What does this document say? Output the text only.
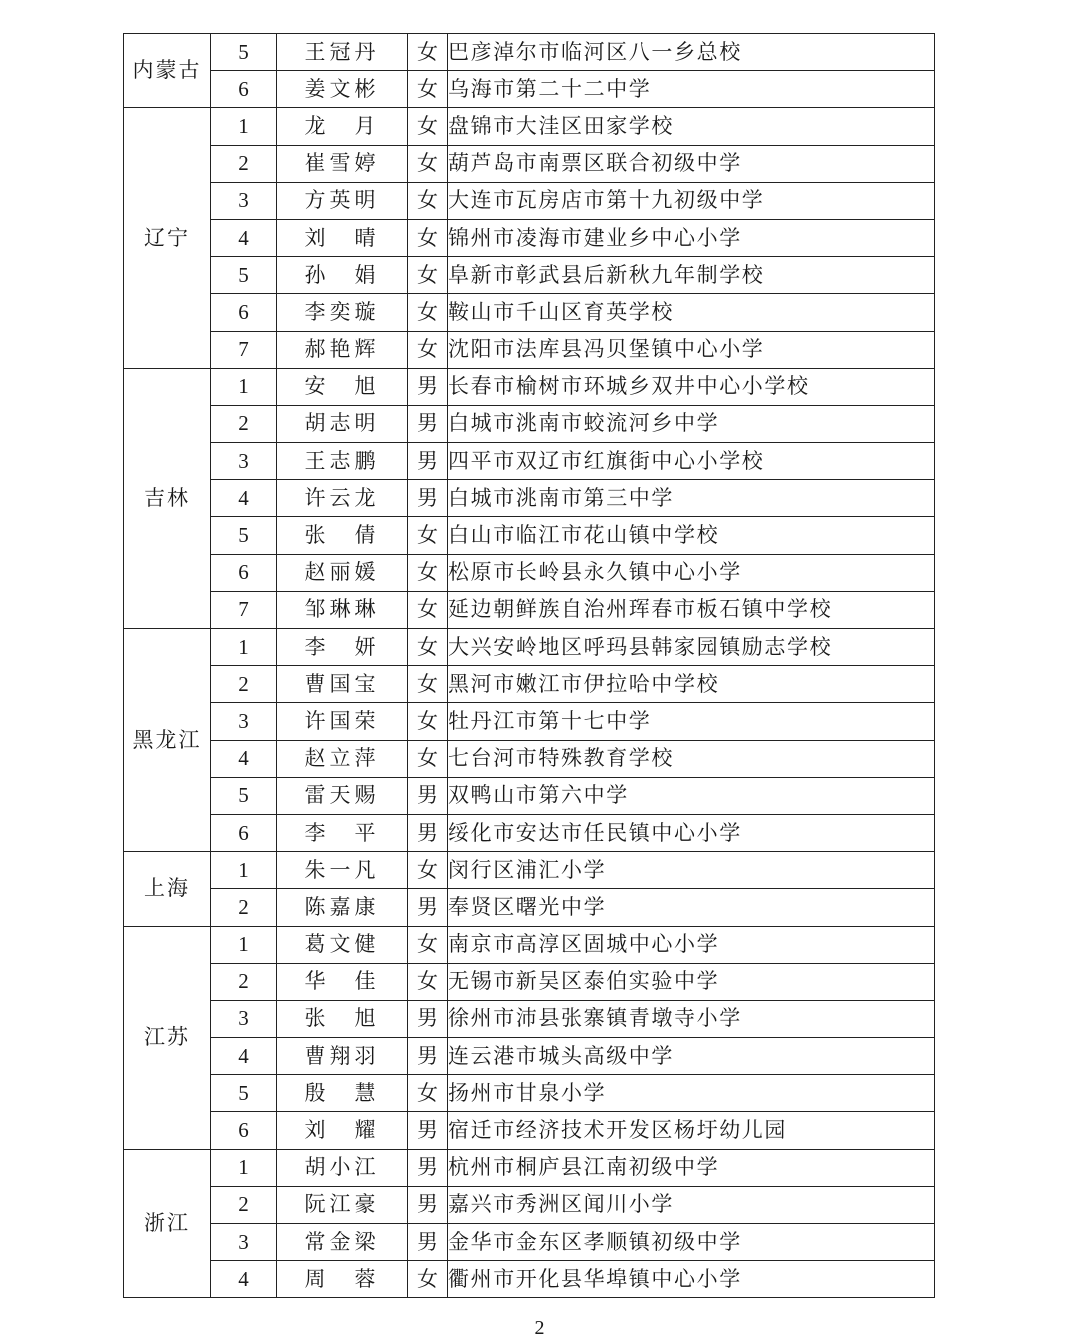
内蒙古	5	王冠丹	女	巴彦淖尔市临河区八一乡总校
	6	姜文彬	女	乌海市第二十二中学
辽宁	1	龙　月	女	盘锦市大洼区田家学校
	2	崔雪婷	女	葫芦岛市南票区联合初级中学
	3	方英明	女	大连市瓦房店市第十九初级中学
	4	刘　晴	女	锦州市凌海市建业乡中心小学
	5	孙　娟	女	阜新市彰武县后新秋九年制学校
	6	李奕璇	女	鞍山市千山区育英学校
	7	郝艳辉	女	沈阳市法库县冯贝堡镇中心小学
吉林	1	安　旭	男	长春市榆树市环城乡双井中心小学校
	2	胡志明	男	白城市洮南市蛟流河乡中学
	3	王志鹏	男	四平市双辽市红旗街中心小学校
	4	许云龙	男	白城市洮南市第三中学
	5	张　倩	女	白山市临江市花山镇中学校
	6	赵丽媛	女	松原市长岭县永久镇中心小学
	7	邹琳琳	女	延边朝鲜族自治州珲春市板石镇中学校
黑龙江	1	李　妍	女	大兴安岭地区呼玛县韩家园镇励志学校
	2	曹国宝	女	黑河市嫩江市伊拉哈中学校
	3	许国荣	女	牡丹江市第十七中学
	4	赵立萍	女	七台河市特殊教育学校
	5	雷天赐	男	双鸭山市第六中学
	6	李　平	男	绥化市安达市任民镇中心小学
上海	1	朱一凡	女	闵行区浦汇小学
	2	陈嘉康	男	奉贤区曙光中学
江苏	1	葛文健	女	南京市高淳区固城中心小学
	2	华　佳	女	无锡市新吴区泰伯实验中学
	3	张　旭	男	徐州市沛县张寨镇青墩寺小学
	4	曹翔羽	男	连云港市城头高级中学
	5	殷　慧	女	扬州市甘泉小学
	6	刘　耀	男	宿迁市经济技术开发区杨圩幼儿园
浙江	1	胡小江	男	杭州市桐庐县江南初级中学
	2	阮江豪	男	嘉兴市秀洲区闻川小学
	3	常金梁	男	金华市金东区孝顺镇初级中学
	4	周　蓉	女	衢州市开化县华埠镇中心小学
2
